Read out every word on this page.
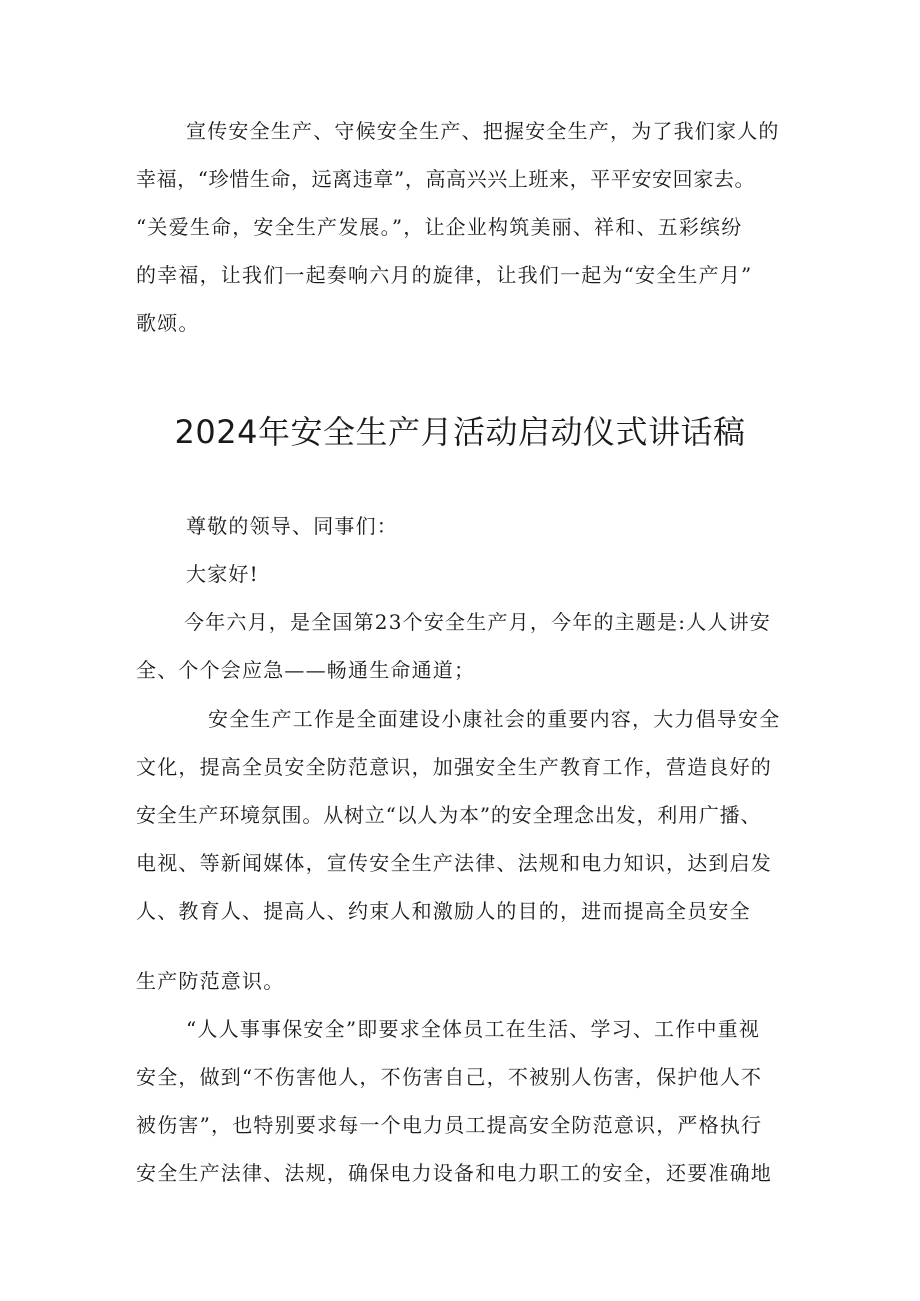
宣传安全生产、守候安全生产、把握安全生产，为了我们家人的
幸福，“珍惜生命，远离违章”，高高兴兴上班来，平平安安回家去。
“关爱生命，安全生产发展。”，让企业构筑美丽、祥和、五彩缤纷
的幸福，让我们一起奏响六月的旋律，让我们一起为“安全生产月”
歌颂。
2024年安全生产月活动启动仪式讲话稿
尊敬的领导、同事们：
大家好!
今年六月，是全国第23个安全生产月，今年的主题是:人人讲安
全、个个会应急——畅通生命通道；
安全生产工作是全面建设小康社会的重要内容，大力倡导安全
文化，提高全员安全防范意识，加强安全生产教育工作，营造良好的
安全生产环境氛围。从树立“以人为本”的安全理念出发，利用广播、
电视、等新闻媒体，宣传安全生产法律、法规和电力知识，达到启发
人、教育人、提高人、约束人和激励人的目的，进而提高全员安全
生产防范意识。
“人人事事保安全”即要求全体员工在生活、学习、工作中重视
安全，做到“不伤害他人，不伤害自己，不被别人伤害，保护他人不
被伤害”，也特别要求每一个电力员工提高安全防范意识，严格执行
安全生产法律、法规，确保电力设备和电力职工的安全，还要准确地
